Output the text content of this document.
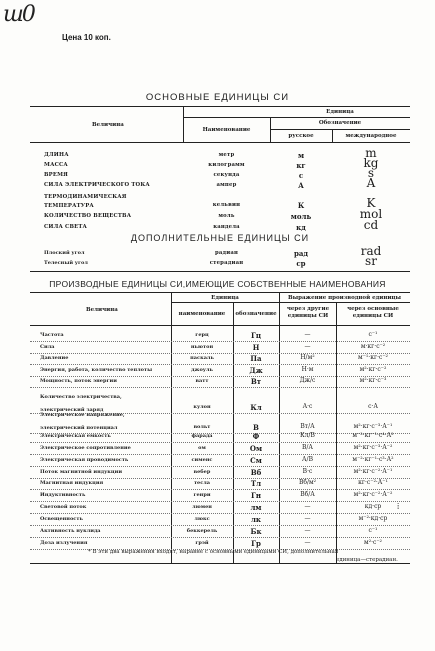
ш0
Цена 10 коп.
ОСНОВНЫЕ ЕДИНИЦЫ СИ
Величина
Единица
Наименование
Обозначение
русское	международное
ДЛИНА	метр	м	m
МАССА	килограмм	кг	kg
ВРЕМЯ	секунда	с	s
СИЛА ЭЛЕКТРИЧЕСКОГО ТОКА	ампер	А	A
ТЕРМОДИНАМИЧЕСКАЯ ТЕМПЕРАТУРА	кельвин	К	K
КОЛИЧЕСТВО ВЕЩЕСТВА	моль	моль	mol
СИЛА СВЕТА	кандела	кд	cd
ДОПОЛНИТЕЛЬНЫЕ ЕДИНИЦЫ СИ
Плоский угол	радиан	рад	rad
Телесный угол	стерадиан	ср	sr
ПРОИЗВОДНЫЕ ЕДИНИЦЫ СИ,ИМЕЮЩИЕ СОБСТВЕННЫЕ НАИМЕНОВАНИЯ
Величина
Единица
наименование	обозначение
Выражение производной единицы
через другие единицы СИ
через основные единицы СИ
Частота	герц	Гц	—	с⁻¹
Сила	ньютон	Н	—	м·кг·с⁻²
Давление	паскаль	Па	Н/м²	м⁻¹·кг·с⁻²
Энергия, работа, количество теплоты	джоуль	Дж	Н·м	м²·кг·с⁻²
Мощность, поток энергии	ватт	Вт	Дж/с	м²·кг·с⁻³
Количество электричества, электрический заряд	кулон	Кл	А·с	с·А
Электрическое напряжение, электрический потенциал	вольт	В	Вт/А	м²·кг·с⁻³·А⁻¹
Электрическая емкость	фарада	Ф	Кл/В	м⁻²·кг⁻¹·с⁴·А²
Электрическое сопротивление	ом	Ом	В/А	м²·кг·с⁻³·А⁻²
Электрическая проводимость	сименс	См	А/В	м⁻²·кг⁻¹·с³·А²
Поток магнитной индукции	вебер	Вб	В·с	м²·кг·с⁻²·А⁻¹
Магнитная индукция	тесла	Тл	Вб/м²	кг·с⁻²·А⁻¹
Индуктивность	генри	Гн	Вб/А	м²·кг·с⁻²·А⁻²
Световой поток	люмен	лм	—	кд·ср
Освещенность	люкс	лк	—	м⁻²·кд·ср
Активность нуклида	беккерель	Бк	—	с⁻¹
Доза излучения	грэй	Гр	—	м²·с⁻²
⁞
* В эти два выражения входят, наравне с основными единицами СИ, дополнительная
единица—стерадиан.
